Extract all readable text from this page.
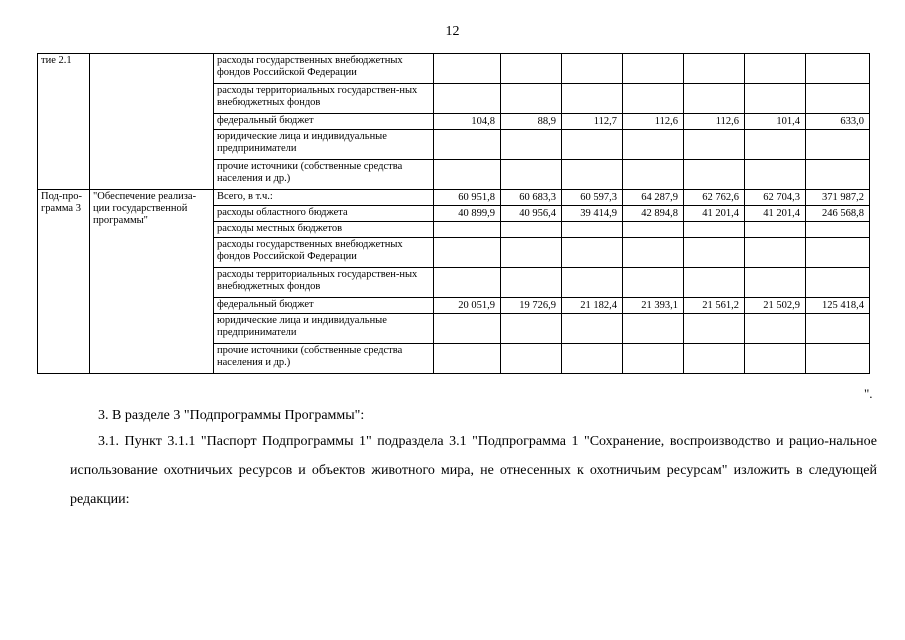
12
тие 2.1		расходы государственных внебюджетных фондов Российской Федерации							
		расходы территориальных государствен-ных внебюджетных фондов							
		федеральный бюджет	104,8	88,9	112,7	112,6	112,6	101,4	633,0
		юридические лица и индивидуальные предприниматели							
		прочие источники (собственные средства населения и др.)							
Под-про-грамма 3	"Обеспечение реализа-ции государственной программы"	Всего, в т.ч.:	60 951,8	60 683,3	60 597,3	64 287,9	62 762,6	62 704,3	371 987,2
		расходы областного бюджета	40 899,9	40 956,4	39 414,9	42 894,8	41 201,4	41 201,4	246 568,8
		расходы местных бюджетов							
		расходы государственных внебюджетных фондов Российской Федерации							
		расходы территориальных государствен-ных внебюджетных фондов							
		федеральный бюджет	20 051,9	19 726,9	21 182,4	21 393,1	21 561,2	21 502,9	125 418,4
		юридические лица и индивидуальные предприниматели							
		прочие источники (собственные средства населения и др.)							
".

3. В разделе 3 "Подпрограммы Программы":

3.1. Пункт 3.1.1 "Паспорт Подпрограммы 1" подраздела 3.1 "Подпрограмма 1 "Сохранение, воспроизводство и рацио-нальное использование охотничьих ресурсов и объектов животного мира, не отнесенных к охотничьим ресурсам" изложить в следующей редакции:
